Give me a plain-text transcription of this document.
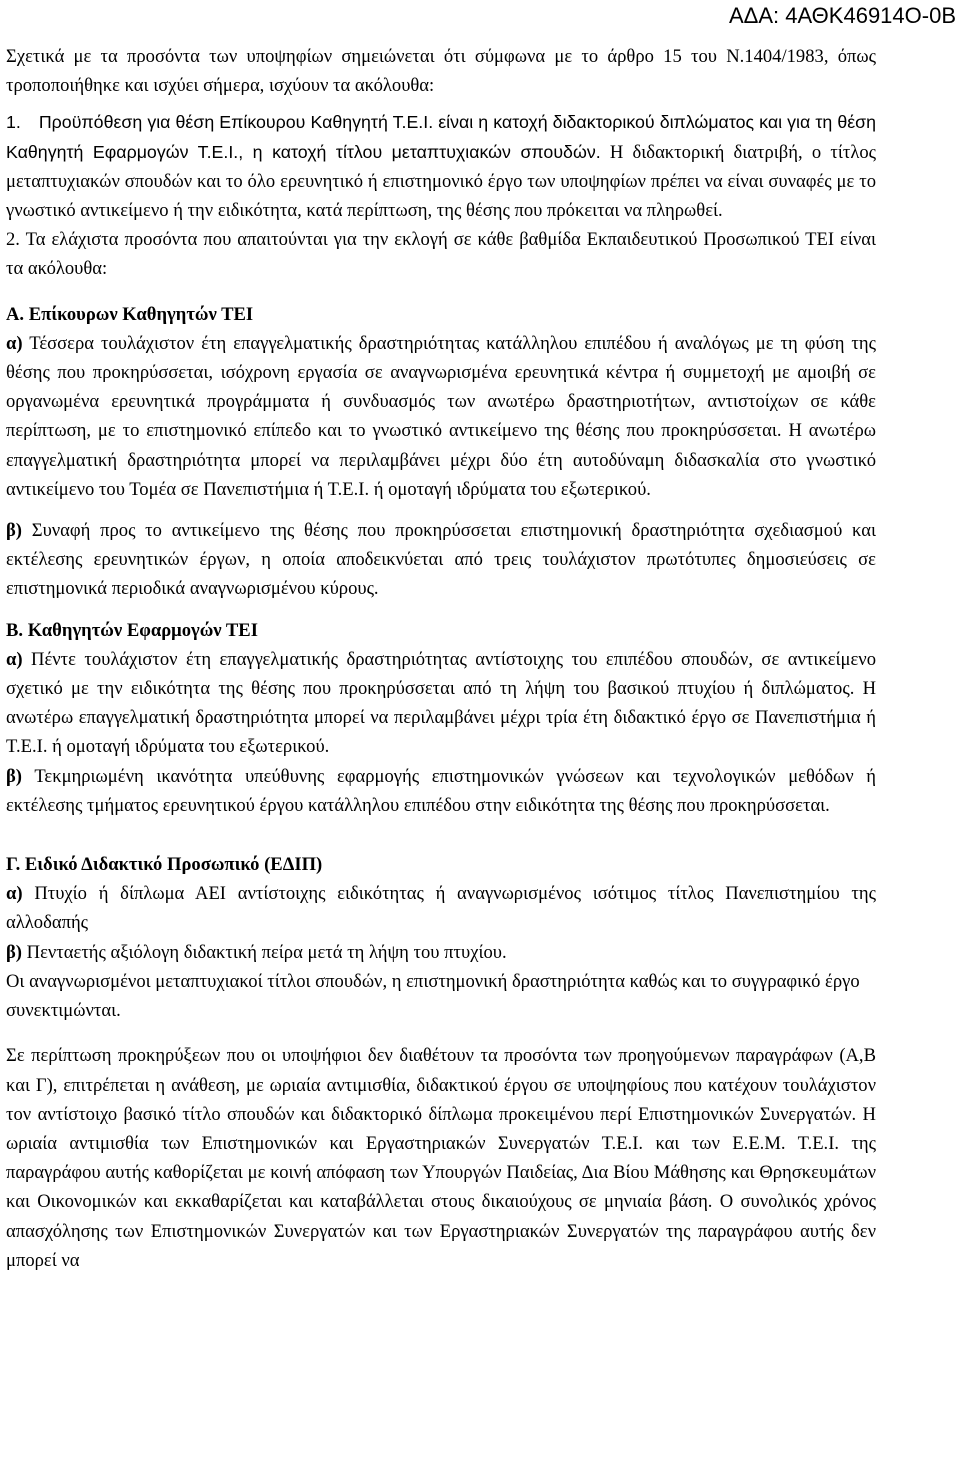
ΑΔΑ: 4ΑΘΚ46914Ο-0Β

Σχετικά με τα προσόντα των υποψηφίων σημειώνεται ότι σύμφωνα με το άρθρο 15 του Ν.1404/1983, όπως τροποποιήθηκε και ισχύει σήμερα, ισχύουν τα ακόλουθα:

1. Προϋπόθεση για θέση Επίκουρου Καθηγητή Τ.Ε.Ι. είναι η κατοχή διδακτορικού διπλώματος και για τη θέση Καθηγητή Εφαρμογών Τ.Ε.Ι., η κατοχή τίτλου μεταπτυχιακών σπουδών. Η διδακτορική διατριβή, ο τίτλος μεταπτυχιακών σπουδών και το όλο ερευνητικό ή επιστημονικό έργο των υποψηφίων πρέπει να είναι συναφές με το γνωστικό αντικείμενο ή την ειδικότητα, κατά περίπτωση, της θέσης που πρόκειται να πληρωθεί.

2. Τα ελάχιστα προσόντα που απαιτούνται για την εκλογή σε κάθε βαθμίδα Εκπαιδευτικού Προσωπικού ΤΕΙ είναι τα ακόλουθα:

Α. Επίκουρων Καθηγητών ΤΕΙ

α) Τέσσερα τουλάχιστον έτη επαγγελματικής δραστηριότητας κατάλληλου επιπέδου ή αναλόγως με τη φύση της θέσης που προκηρύσσεται, ισόχρονη εργασία σε αναγνωρισμένα ερευνητικά κέντρα ή συμμετοχή με αμοιβή σε οργανωμένα ερευνητικά προγράμματα ή συνδυασμός των ανωτέρω δραστηριοτήτων, αντιστοίχων σε κάθε περίπτωση, με το επιστημονικό επίπεδο και το γνωστικό αντικείμενο της θέσης που προκηρύσσεται. Η ανωτέρω επαγγελματική δραστηριότητα μπορεί να περιλαμβάνει μέχρι δύο έτη αυτοδύναμη διδασκαλία στο γνωστικό αντικείμενο του Τομέα σε Πανεπιστήμια ή Τ.Ε.Ι. ή ομοταγή ιδρύματα του εξωτερικού.

β) Συναφή προς το αντικείμενο της θέσης που προκηρύσσεται επιστημονική δραστηριότητα σχεδιασμού και εκτέλεσης ερευνητικών έργων, η οποία αποδεικνύεται από τρεις τουλάχιστον πρωτότυπες δημοσιεύσεις σε επιστημονικά περιοδικά αναγνωρισμένου κύρους.

Β. Καθηγητών Εφαρμογών ΤΕΙ

α) Πέντε τουλάχιστον έτη επαγγελματικής δραστηριότητας αντίστοιχης του επιπέδου σπουδών, σε αντικείμενο σχετικό με την ειδικότητα της θέσης που προκηρύσσεται από τη λήψη του βασικού πτυχίου ή διπλώματος. Η ανωτέρω επαγγελματική δραστηριότητα μπορεί να περιλαμβάνει μέχρι τρία έτη διδακτικό έργο σε Πανεπιστήμια ή Τ.Ε.Ι. ή ομοταγή ιδρύματα του εξωτερικού.

β) Τεκμηριωμένη ικανότητα υπεύθυνης εφαρμογής επιστημονικών γνώσεων και τεχνολογικών μεθόδων ή εκτέλεσης τμήματος ερευνητικού έργου κατάλληλου επιπέδου στην ειδικότητα της θέσης που προκηρύσσεται.

Γ. Ειδικό Διδακτικό Προσωπικό (ΕΔΙΠ)

α) Πτυχίο ή δίπλωμα ΑΕΙ αντίστοιχης ειδικότητας ή αναγνωρισμένος ισότιμος τίτλος Πανεπιστημίου της αλλοδαπής

β) Πενταετής αξιόλογη διδακτική πείρα μετά τη λήψη του πτυχίου.

Οι αναγνωρισμένοι μεταπτυχιακοί τίτλοι σπουδών, η επιστημονική δραστηριότητα καθώς και το συγγραφικό έργο συνεκτιμώνται.

Σε περίπτωση προκηρύξεων που οι υποψήφιοι δεν διαθέτουν τα προσόντα των προηγούμενων παραγράφων (Α,Β και Γ), επιτρέπεται η ανάθεση, με ωριαία αντιμισθία, διδακτικού έργου σε υποψηφίους που κατέχουν τουλάχιστον τον αντίστοιχο βασικό τίτλο σπουδών και διδακτορικό δίπλωμα προκειμένου περί Επιστημονικών Συνεργατών. Η ωριαία αντιμισθία των Επιστημονικών και Εργαστηριακών Συνεργατών Τ.Ε.Ι. και των Ε.Ε.Μ. Τ.Ε.Ι. της παραγράφου αυτής καθορίζεται με κοινή απόφαση των Υπουργών Παιδείας, Δια Βίου Μάθησης και Θρησκευμάτων και Οικονομικών και εκκαθαρίζεται και καταβάλλεται στους δικαιούχους σε μηνιαία βάση. Ο συνολικός χρόνος απασχόλησης των Επιστημονικών Συνεργατών και των Εργαστηριακών Συνεργατών της παραγράφου αυτής δεν μπορεί να
